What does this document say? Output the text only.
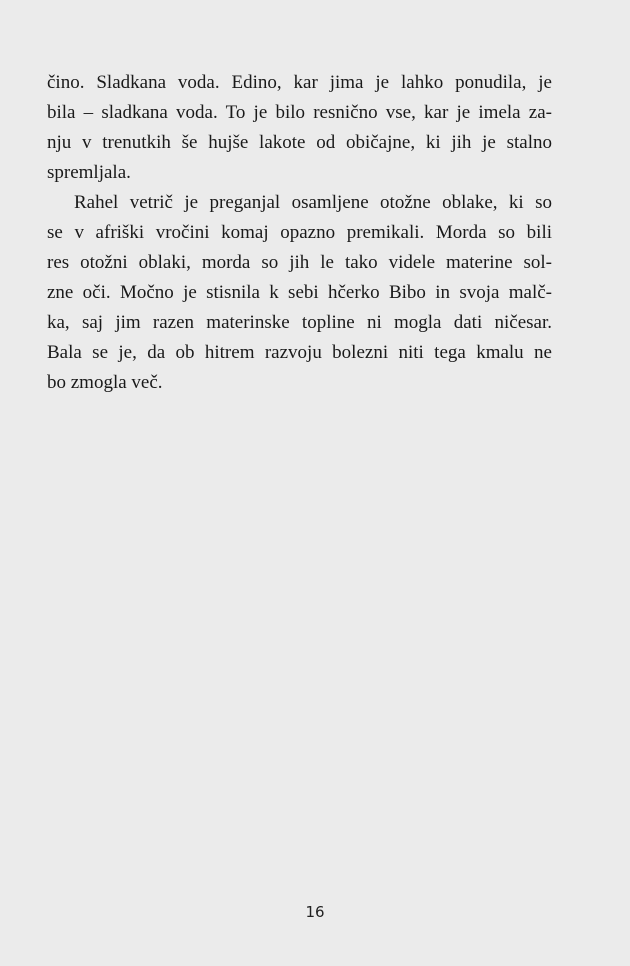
čino. Sladkana voda. Edino, kar jima je lahko ponudila, je
bila – sladkana voda. To je bilo resnično vse, kar je imela za-
nju v trenutkih še hujše lakote od običajne, ki jih je stalno
spremljala.
Rahel vetrič je preganjal osamljene otožne oblake, ki so
se v afriški vročini komaj opazno premikali. Morda so bili
res otožni oblaki, morda so jih le tako videle materine sol-
zne oči. Močno je stisnila k sebi hčerko Bibo in svoja malč-
ka, saj jim razen materinske topline ni mogla dati ničesar.
Bala se je, da ob hitrem razvoju bolezni niti tega kmalu ne
bo zmogla več.
16
